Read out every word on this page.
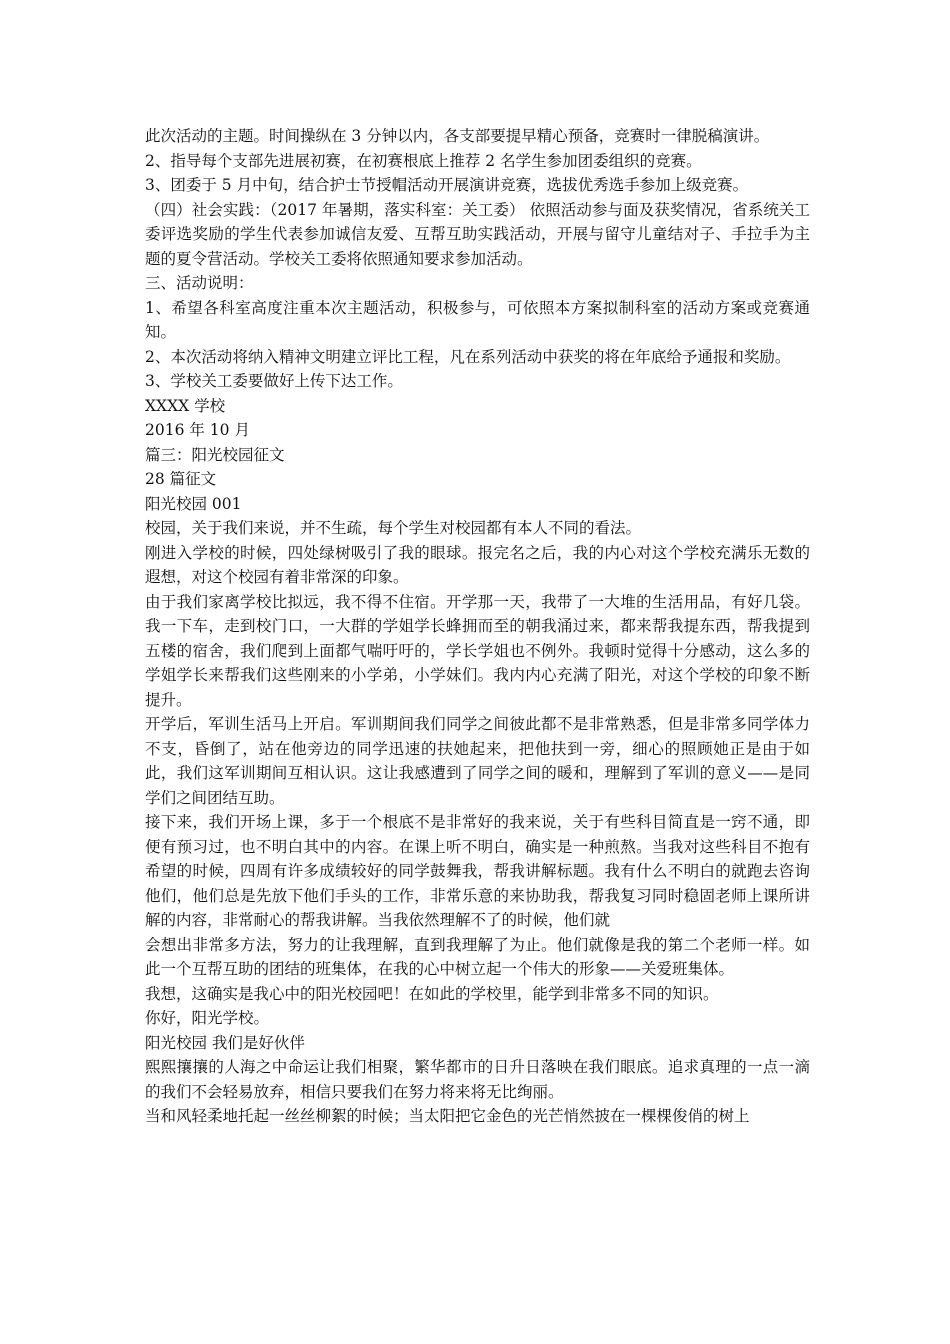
此次活动的主题。时间操纵在 3 分钟以内，各支部要提早精心预备，竞赛时一律脱稿演讲。

2、指导每个支部先进展初赛，在初赛根底上推荐 2 名学生参加团委组织的竞赛。

3、团委于 5 月中旬，结合护士节授帽活动开展演讲竞赛，选拔优秀选手参加上级竞赛。

（四）社会实践：（2017 年暑期，落实科室：关工委） 依照活动参与面及获奖情况，省系统关工委评选奖励的学生代表参加诚信友爱、互帮互助实践活动，开展与留守儿童结对子、手拉手为主题的夏令营活动。学校关工委将依照通知要求参加活动。

三、活动说明：

1、希望各科室高度注重本次主题活动，积极参与，可依照本方案拟制科室的活动方案或竞赛通知。

2、本次活动将纳入精神文明建立评比工程，凡在系列活动中获奖的将在年底给予通报和奖励。

3、学校关工委要做好上传下达工作。

XXXX 学校

2016 年 10 月

篇三：阳光校园征文

28 篇征文

阳光校园 001

校园，关于我们来说，并不生疏，每个学生对校园都有本人不同的看法。

刚进入学校的时候，四处绿树吸引了我的眼球。报完名之后，我的内心对这个学校充满乐无数的遐想，对这个校园有着非常深的印象。

由于我们家离学校比拟远，我不得不住宿。开学那一天，我带了一大堆的生活用品，有好几袋。我一下车，走到校门口，一大群的学姐学长蜂拥而至的朝我涌过来，都来帮我提东西，帮我提到五楼的宿舍，我们爬到上面都气喘吁吁的，学长学姐也不例外。我顿时觉得十分感动，这么多的学姐学长来帮我们这些刚来的小学弟，小学妹们。我内内心充满了阳光，对这个学校的印象不断提升。

开学后，军训生活马上开启。军训期间我们同学之间彼此都不是非常熟悉，但是非常多同学体力不支，昏倒了，站在他旁边的同学迅速的扶她起来，把他扶到一旁，细心的照顾她正是由于如此，我们这军训期间互相认识。这让我感遭到了同学之间的暖和，理解到了军训的意义——是同学们之间团结互助。

接下来，我们开场上课，多于一个根底不是非常好的我来说，关于有些科目简直是一窍不通，即便有预习过，也不明白其中的内容。在课上听不明白，确实是一种煎熬。当我对这些科目不抱有希望的时候，四周有许多成绩较好的同学鼓舞我，帮我讲解标题。我有什么不明白的就跑去咨询他们，他们总是先放下他们手头的工作，非常乐意的来协助我，帮我复习同时稳固老师上课所讲解的内容，非常耐心的帮我讲解。当我依然理解不了的时候，他们就

会想出非常多方法，努力的让我理解，直到我理解了为止。他们就像是我的第二个老师一样。如此一个互帮互助的团结的班集体，在我的心中树立起一个伟大的形象——关爱班集体。

我想，这确实是我心中的阳光校园吧！在如此的学校里，能学到非常多不同的知识。

你好，阳光学校。

阳光校园 我们是好伙伴

熙熙攘攘的人海之中命运让我们相聚，繁华都市的日升日落映在我们眼底。追求真理的一点一滴的我们不会轻易放弃，相信只要我们在努力将来将无比绚丽。

当和风轻柔地托起一丝丝柳絮的时候；当太阳把它金色的光芒悄然披在一棵棵俊俏的树上
